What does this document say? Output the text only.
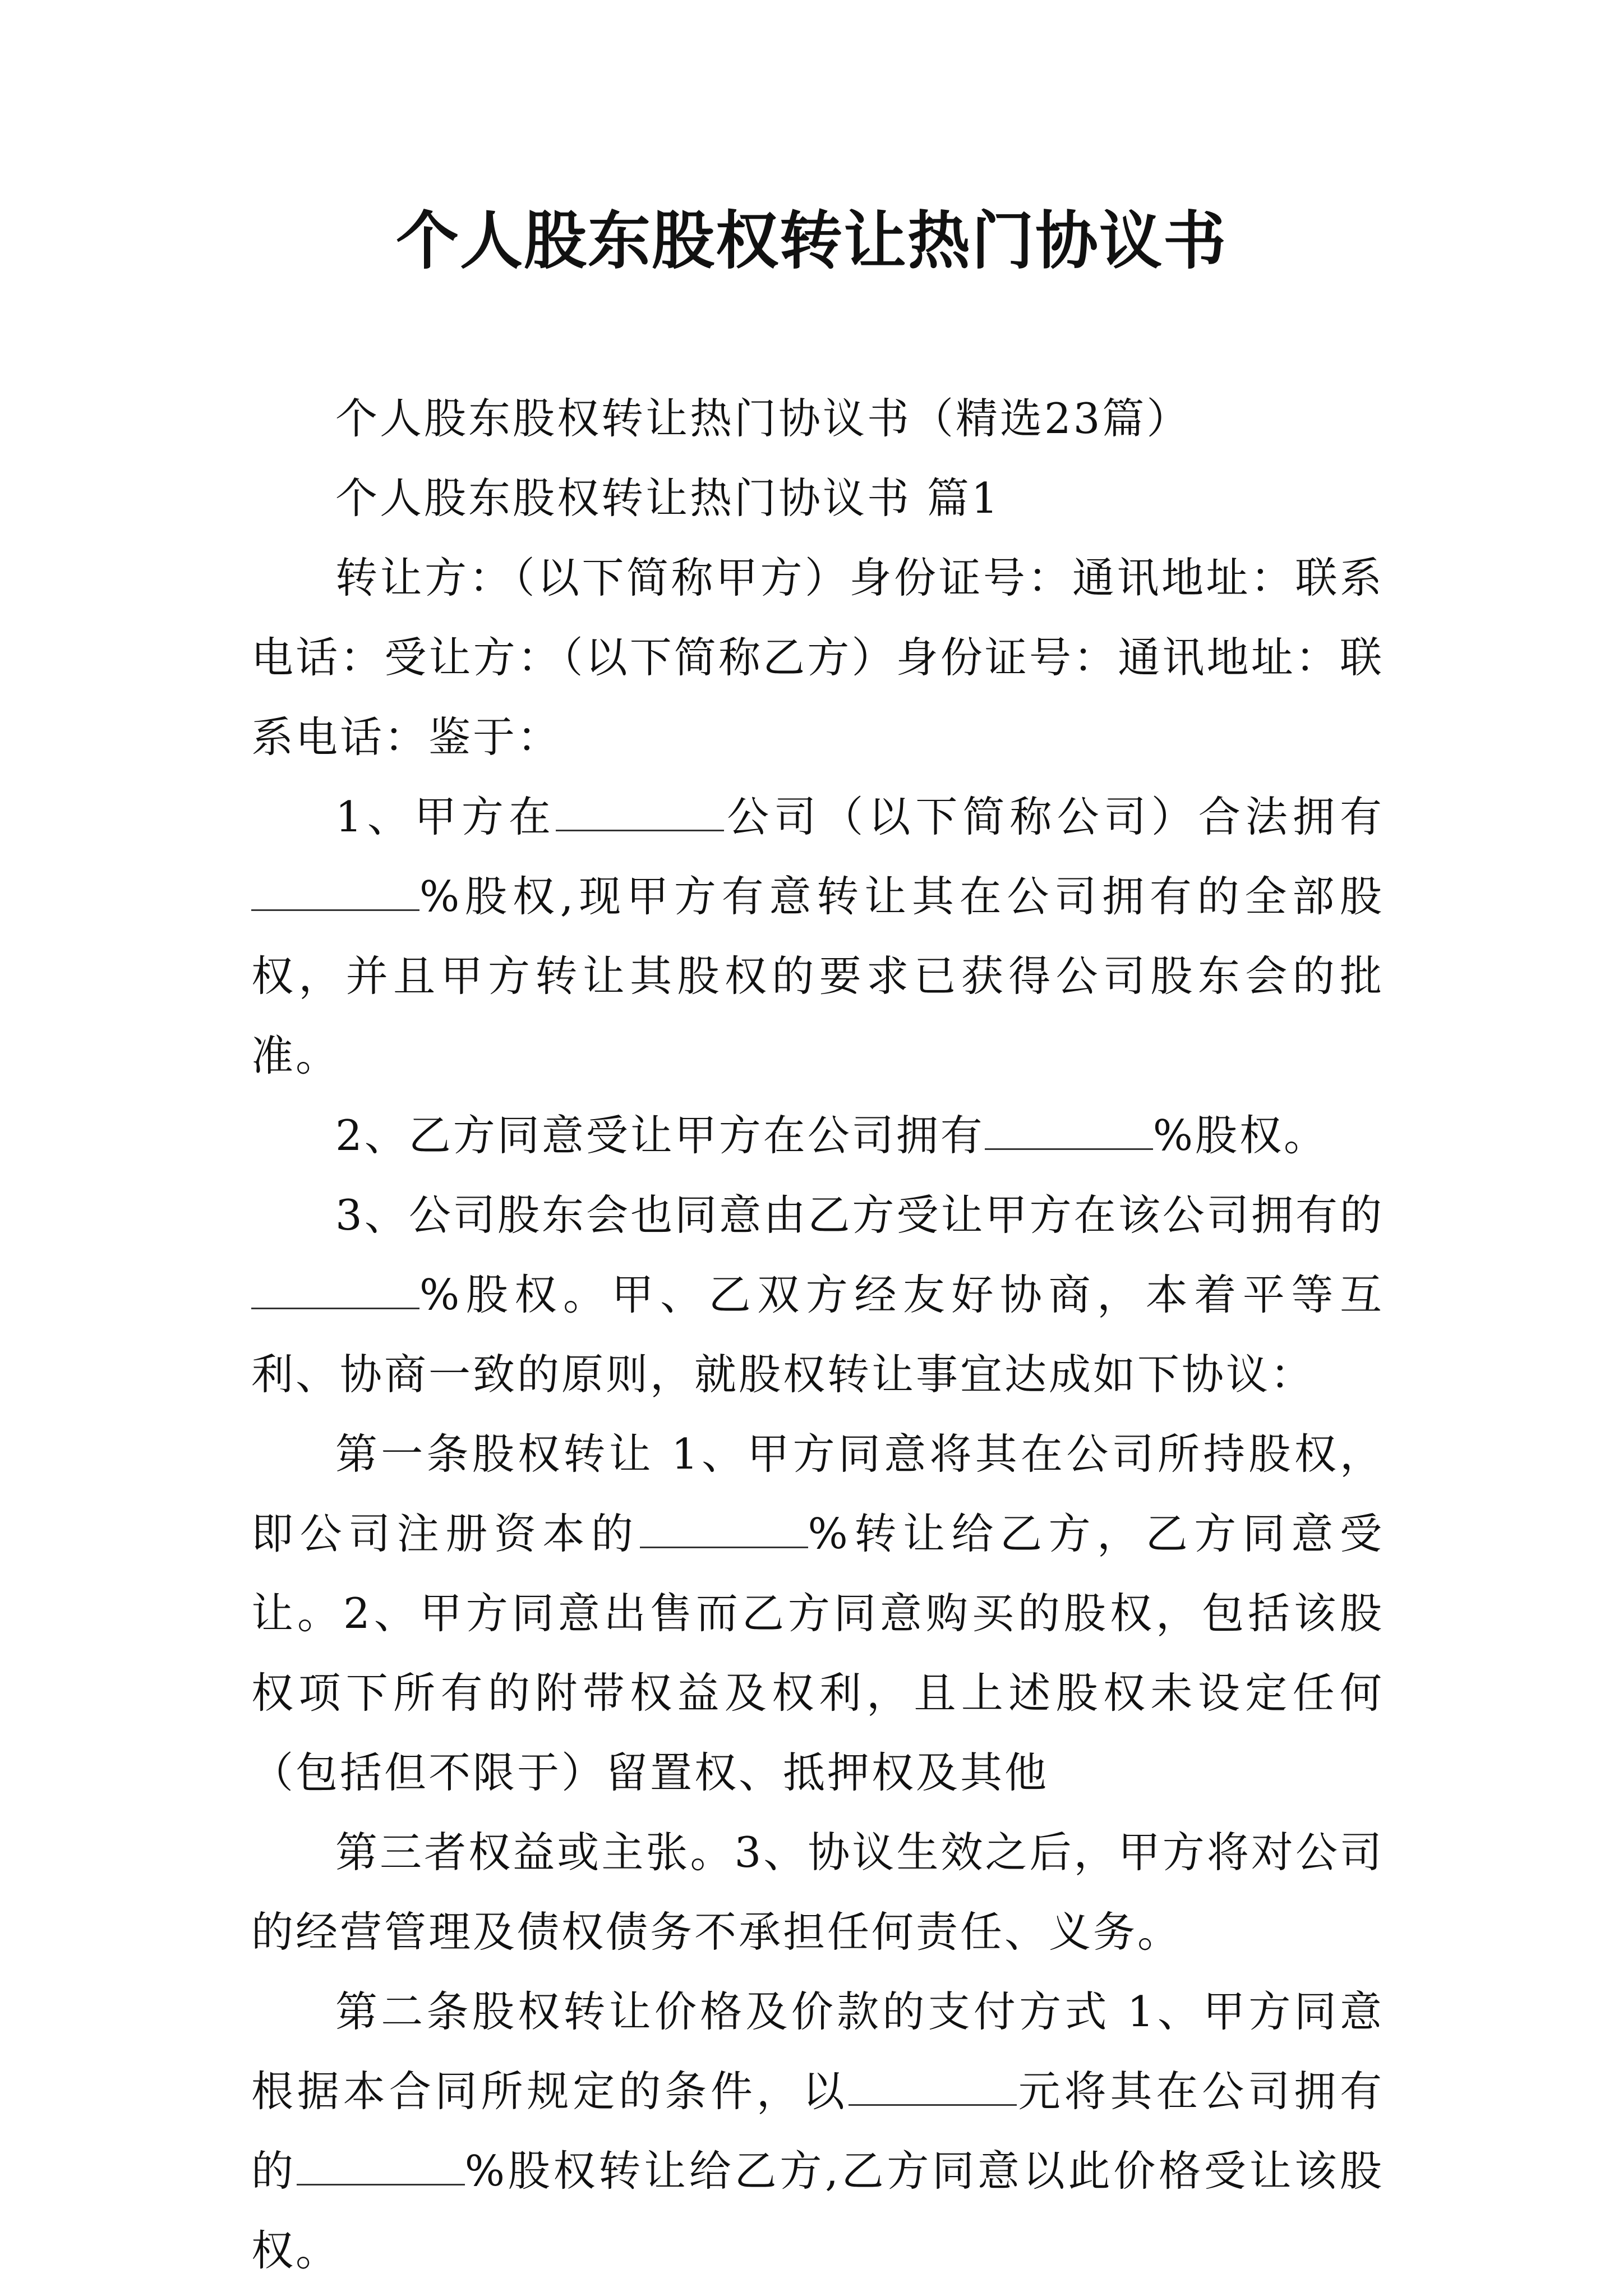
个人股东股权转让热门协议书

个人股东股权转让热门协议书（精选23篇）

个人股东股权转让热门协议书 篇1

转让方：（以下简称甲方）身份证号：通讯地址：联系电话：受让方：（以下简称乙方）身份证号：通讯地址：联系电话：鉴于：

1、甲方在	公司（以下简称公司）合法拥有%股权,现甲方有意转让其在公司拥有的全部股权，并且甲方转让其股权的要求已获得公司股东会的批准。

2、乙方同意受让甲方在公司拥有	%股权。

3、公司股东会也同意由乙方受让甲方在该公司拥有的%股权。甲、乙双方经友好协商，本着平等互利、协商一致的原则，就股权转让事宜达成如下协议：

第一条股权转让 1、甲方同意将其在公司所持股权，即公司注册资本的	%转让给乙方，乙方同意受让。2、甲方同意出售而乙方同意购买的股权，包括该股权项下所有的附带权益及权利，且上述股权未设定任何（包括但不限于）留置权、抵押权及其他

第三者权益或主张。3、协议生效之后，甲方将对公司的经营管理及债权债务不承担任何责任、义务。

第二条股权转让价格及价款的支付方式 1、甲方同意根据本合同所规定的条件，以	元将其在公司拥有的	%股权转让给乙方,乙方同意以此价格受让该股权。
